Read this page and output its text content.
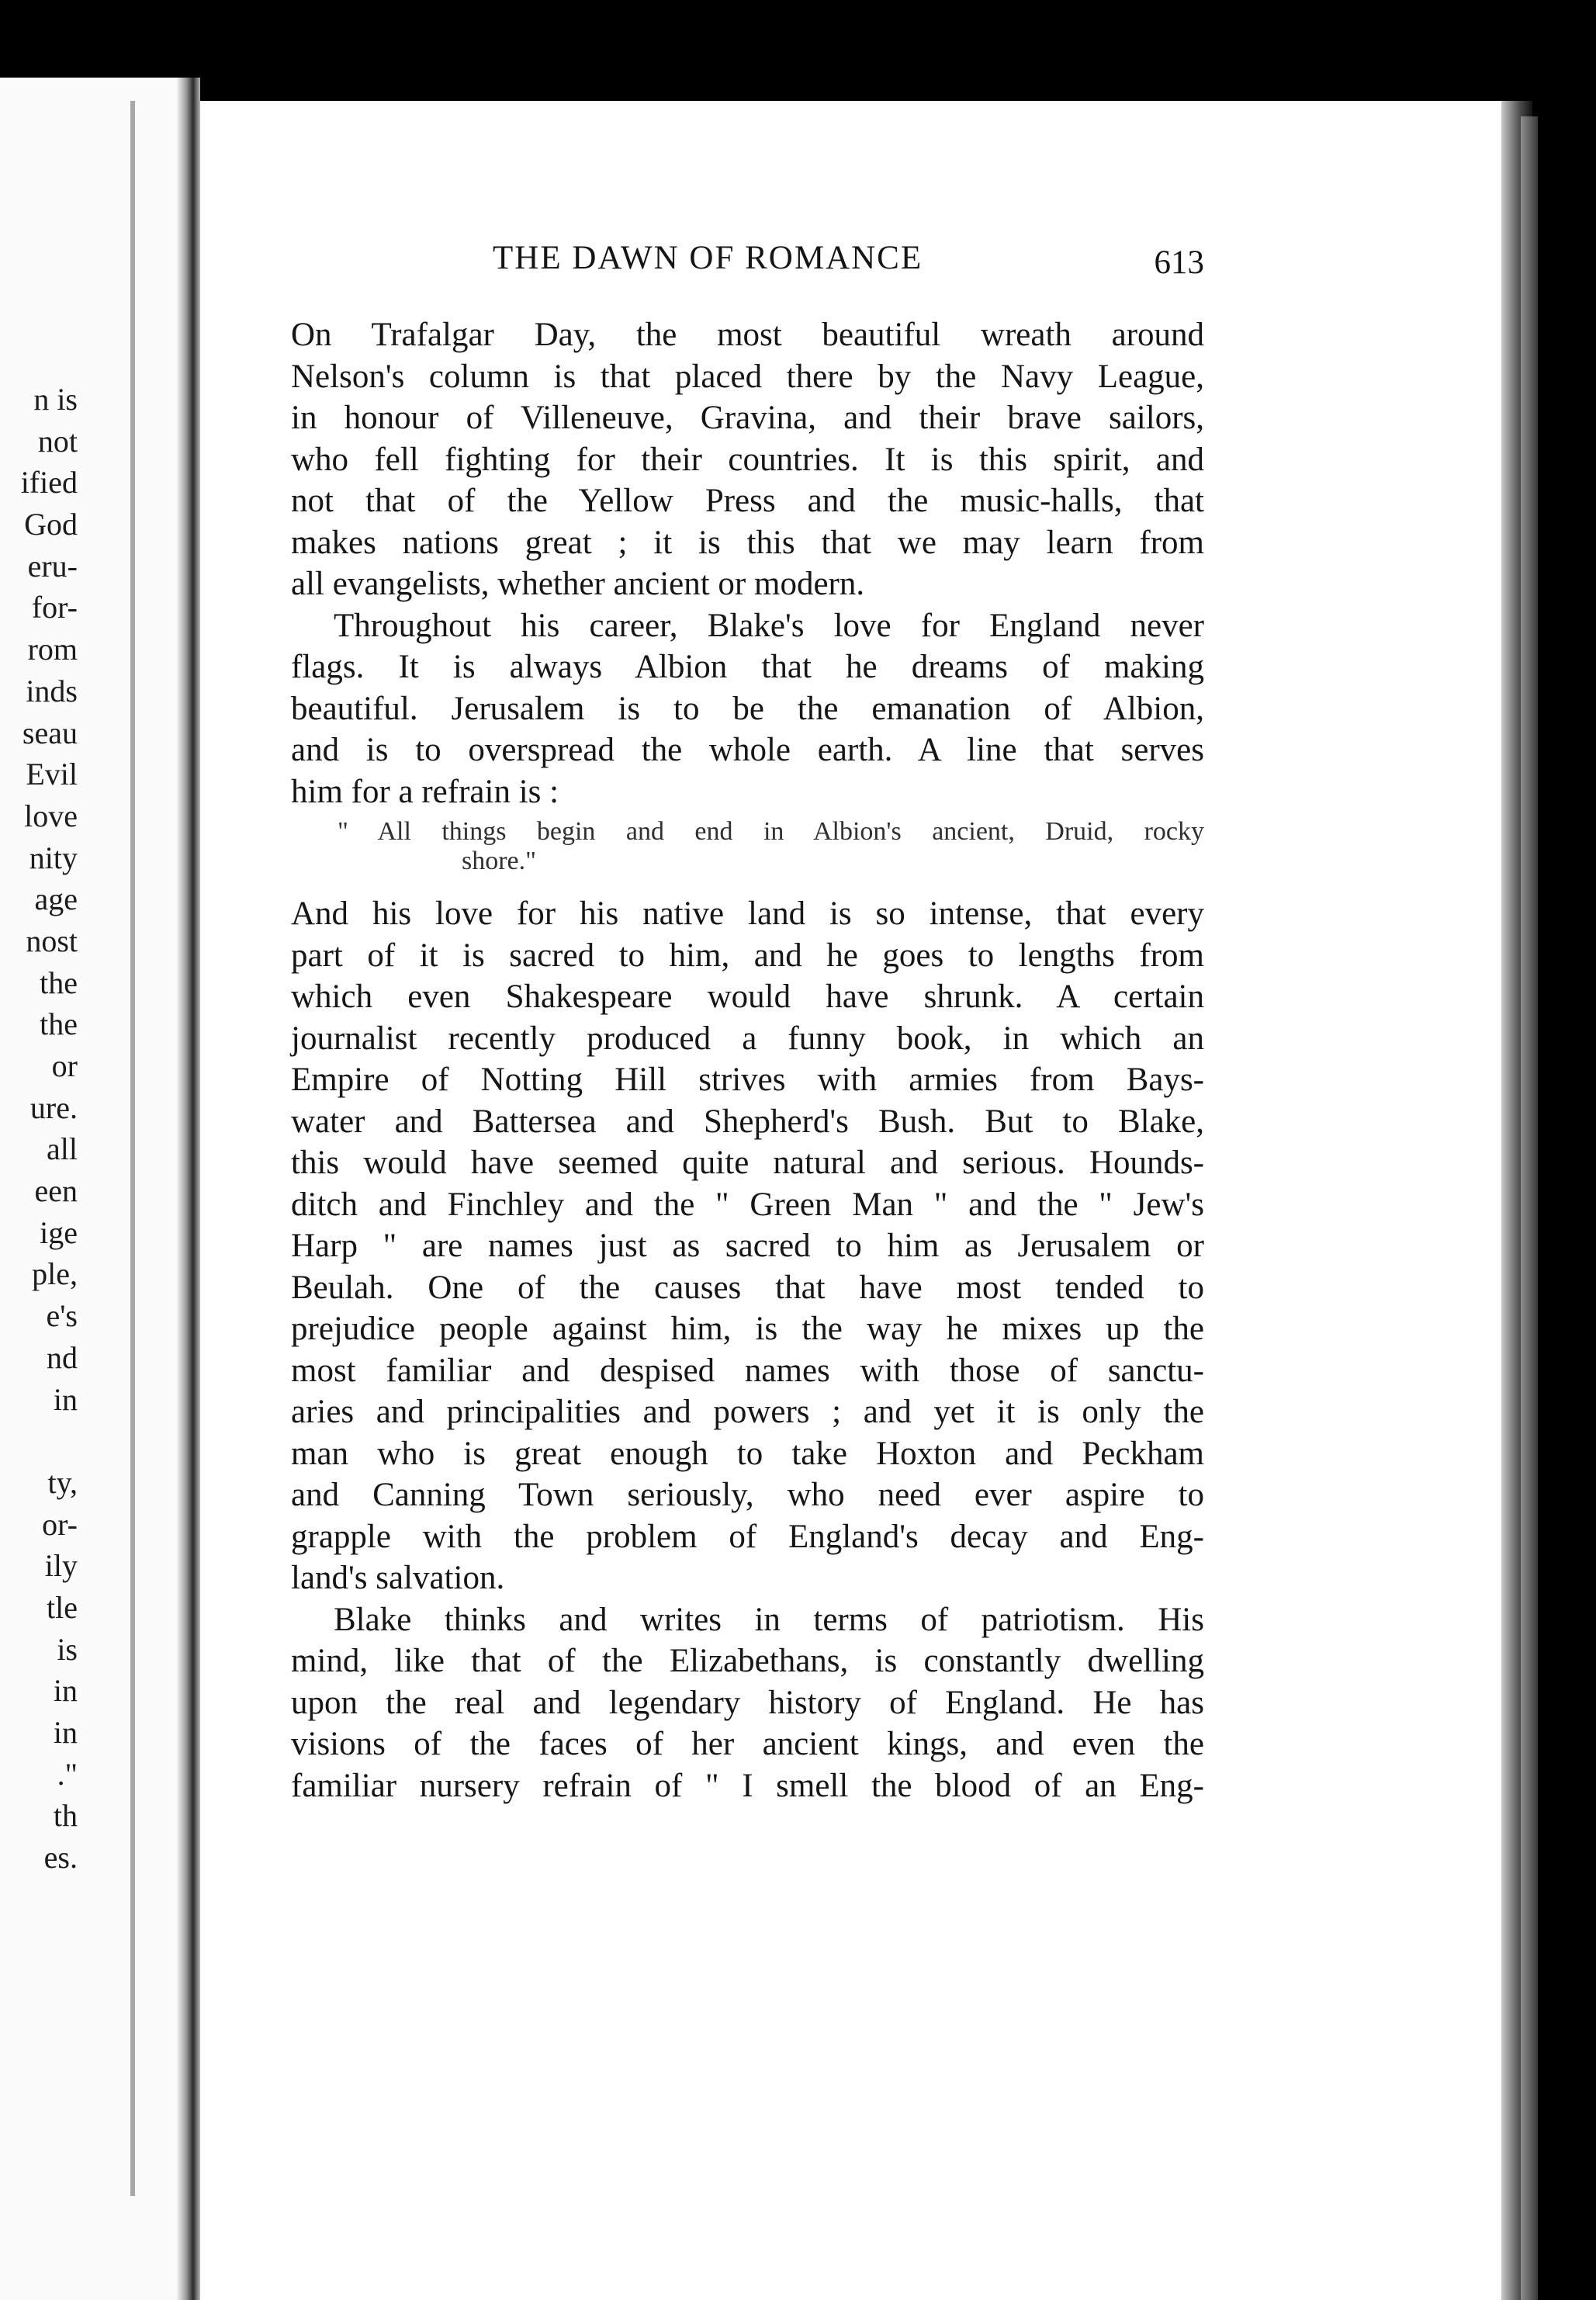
n is
not
ified
God
eru-
for-
rom
inds
seau
Evil
love
nity
age
nost
the
the
or
ure.
all
een
ige
ple,
e's
nd
in
ty,
or-
ily
tle
is
in
in
."
th
es.
THE DAWN OF ROMANCE	613
On Trafalgar Day, the most beautiful wreath around
Nelson's column is that placed there by the Navy League,
in honour of Villeneuve, Gravina, and their brave sailors,
who fell fighting for their countries. It is this spirit, and
not that of the Yellow Press and the music-halls, that
makes nations great ; it is this that we may learn from
all evangelists, whether ancient or modern.
Throughout his career, Blake's love for England never
flags. It is always Albion that he dreams of making
beautiful. Jerusalem is to be the emanation of Albion,
and is to overspread the whole earth. A line that serves
him for a refrain is :
" All things begin and end in Albion's ancient, Druid, rocky
shore."
And his love for his native land is so intense, that every
part of it is sacred to him, and he goes to lengths from
which even Shakespeare would have shrunk. A certain
journalist recently produced a funny book, in which an
Empire of Notting Hill strives with armies from Bays-
water and Battersea and Shepherd's Bush. But to Blake,
this would have seemed quite natural and serious. Hounds-
ditch and Finchley and the " Green Man " and the " Jew's
Harp " are names just as sacred to him as Jerusalem or
Beulah. One of the causes that have most tended to
prejudice people against him, is the way he mixes up the
most familiar and despised names with those of sanctu-
aries and principalities and powers ; and yet it is only the
man who is great enough to take Hoxton and Peckham
and Canning Town seriously, who need ever aspire to
grapple with the problem of England's decay and Eng-
land's salvation.
Blake thinks and writes in terms of patriotism. His
mind, like that of the Elizabethans, is constantly dwelling
upon the real and legendary history of England. He has
visions of the faces of her ancient kings, and even the
familiar nursery refrain of " I smell the blood of an Eng-
